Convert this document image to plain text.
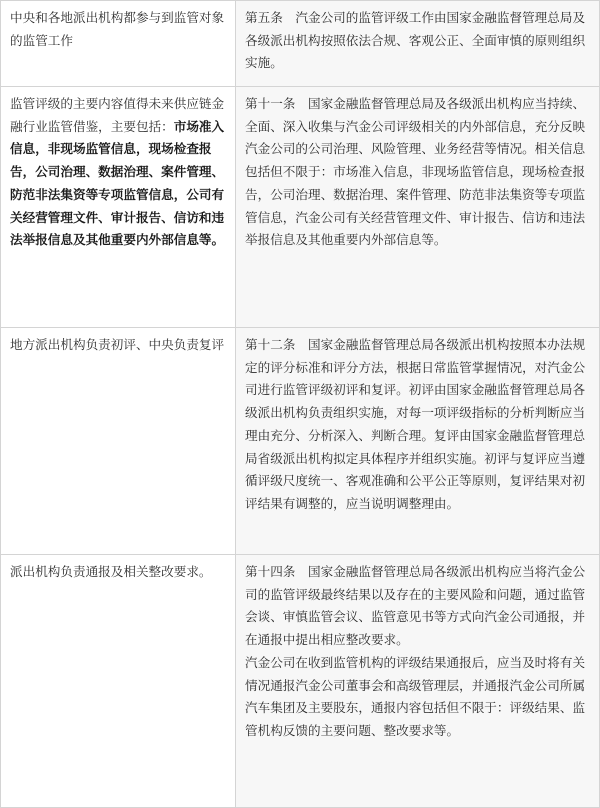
中央和各地派出机构都参与到监管对象的监管工作	第五条　汽金公司的监管评级工作由国家金融监督管理总局及各级派出机构按照依法合规、客观公正、全面审慎的原则组织实施。
监管评级的主要内容值得未来供应链金融行业监管借鉴，主要包括：市场准入信息，非现场监管信息，现场检查报告，公司治理、数据治理、案件管理、防范非法集资等专项监管信息，公司有关经营管理文件、审计报告、信访和违法举报信息及其他重要内外部信息等。	第十一条　国家金融监督管理总局及各级派出机构应当持续、全面、深入收集与汽金公司评级相关的内外部信息，充分反映汽金公司的公司治理、风险管理、业务经营等情况。相关信息包括但不限于：市场准入信息，非现场监管信息，现场检查报告，公司治理、数据治理、案件管理、防范非法集资等专项监管信息，汽金公司有关经营管理文件、审计报告、信访和违法举报信息及其他重要内外部信息等。
地方派出机构负责初评、中央负责复评	第十二条　国家金融监督管理总局各级派出机构按照本办法规定的评分标准和评分方法，根据日常监管掌握情况，对汽金公司进行监管评级初评和复评。初评由国家金融监督管理总局各级派出机构负责组织实施，对每一项评级指标的分析判断应当理由充分、分析深入、判断合理。复评由国家金融监督管理总局省级派出机构拟定具体程序并组织实施。初评与复评应当遵循评级尺度统一、客观准确和公平公正等原则，复评结果对初评结果有调整的，应当说明调整理由。
派出机构负责通报及相关整改要求。	第十四条　国家金融监督管理总局各级派出机构应当将汽金公司的监管评级最终结果以及存在的主要风险和问题，通过监管会谈、审慎监管会议、监管意见书等方式向汽金公司通报，并在通报中提出相应整改要求。
汽金公司在收到监管机构的评级结果通报后，应当及时将有关情况通报汽金公司董事会和高级管理层，并通报汽金公司所属汽车集团及主要股东，通报内容包括但不限于：评级结果、监管机构反馈的主要问题、整改要求等。
